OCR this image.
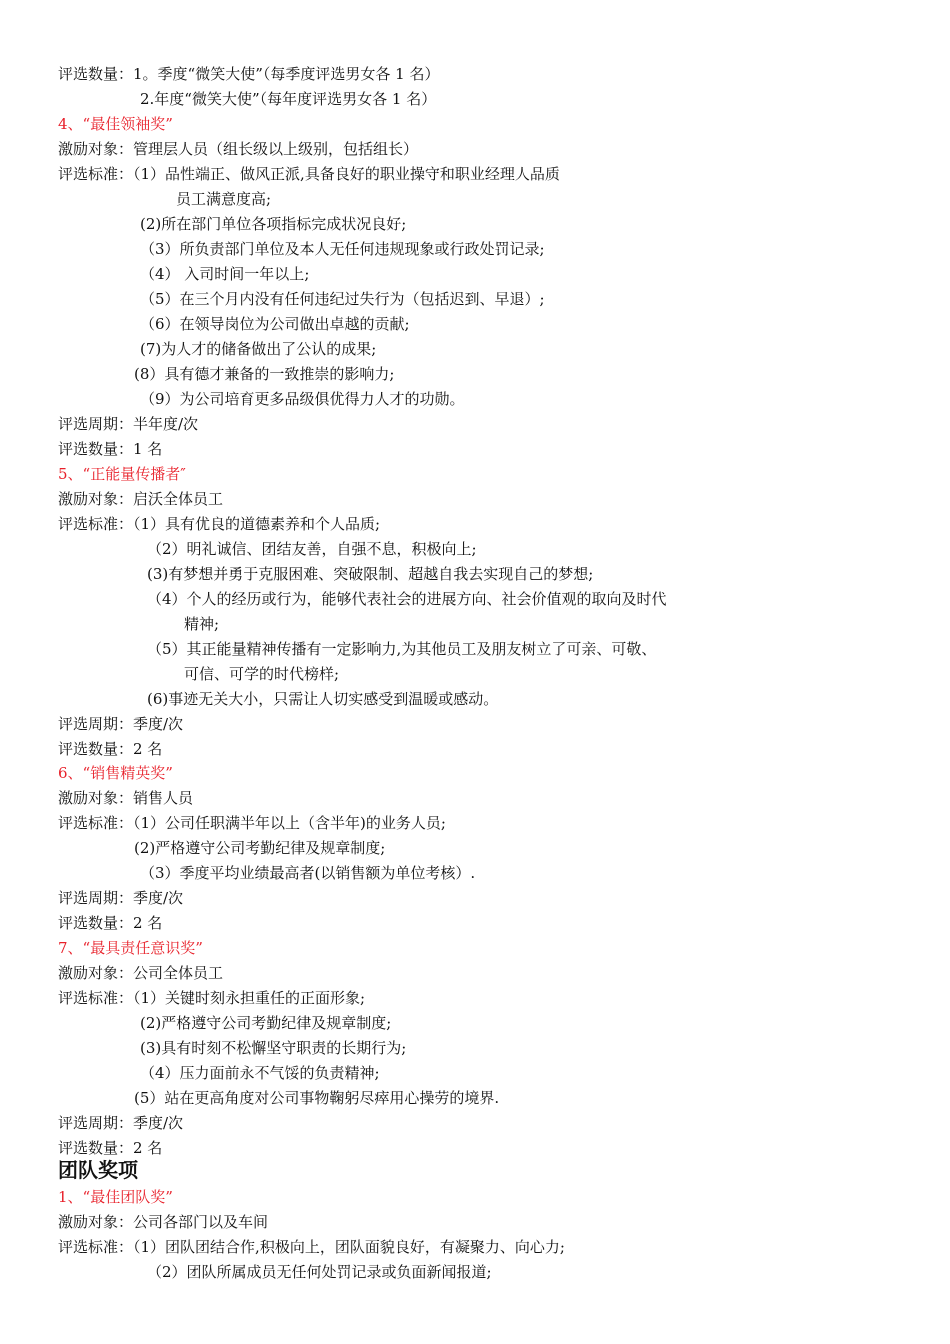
评选数量：1。季度“微笑大使”（每季度评选男女各 1 名）
2.年度“微笑大使”（每年度评选男女各 1 名）
4、“最佳领袖奖”
激励对象：管理层人员（组长级以上级别，包括组长）
评选标准：（1）品性端正、做风正派,具备良好的职业操守和职业经理人品质
员工满意度高;
(2)所在部门单位各项指标完成状况良好;
（3）所负责部门单位及本人无任何违规现象或行政处罚记录;
（4） 入司时间一年以上;
（5）在三个月内没有任何违纪过失行为（包括迟到、早退）;
（6）在领导岗位为公司做出卓越的贡献;
(7)为人才的储备做出了公认的成果;
(8）具有德才兼备的一致推崇的影响力;
（9）为公司培育更多品级俱优得力人才的功勋。
评选周期：半年度/次
评选数量：1 名
5、“正能量传播者″
激励对象：启沃全体员工
评选标准：（1）具有优良的道德素养和个人品质;
（2）明礼诚信、团结友善，自强不息，积极向上;
(3)有梦想并勇于克服困难、突破限制、超越自我去实现自己的梦想;
（4）个人的经历或行为，能够代表社会的进展方向、社会价值观的取向及时代
精神;
（5）其正能量精神传播有一定影响力,为其他员工及朋友树立了可亲、可敬、
可信、可学的时代榜样;
(6)事迹无关大小，只需让人切实感受到温暖或感动。
评选周期：季度/次
评选数量：2 名
6、“销售精英奖”
激励对象：销售人员
评选标准：（1）公司任职满半年以上（含半年)的业务人员;
(2)严格遵守公司考勤纪律及规章制度;
（3）季度平均业绩最高者(以销售额为单位考核）.
评选周期：季度/次
评选数量：2 名
7、“最具责任意识奖”
激励对象：公司全体员工
评选标准：（1）关键时刻永担重任的正面形象;
(2)严格遵守公司考勤纪律及规章制度;
(3)具有时刻不松懈坚守职责的长期行为;
（4）压力面前永不气馁的负责精神;
(5）站在更高角度对公司事物鞠躬尽瘁用心操劳的境界.
评选周期：季度/次
评选数量：2 名
团队奖项
1、“最佳团队奖”
激励对象：公司各部门以及车间
评选标准：（1）团队团结合作,积极向上，团队面貌良好，有凝聚力、向心力;
（2）团队所属成员无任何处罚记录或负面新闻报道;
